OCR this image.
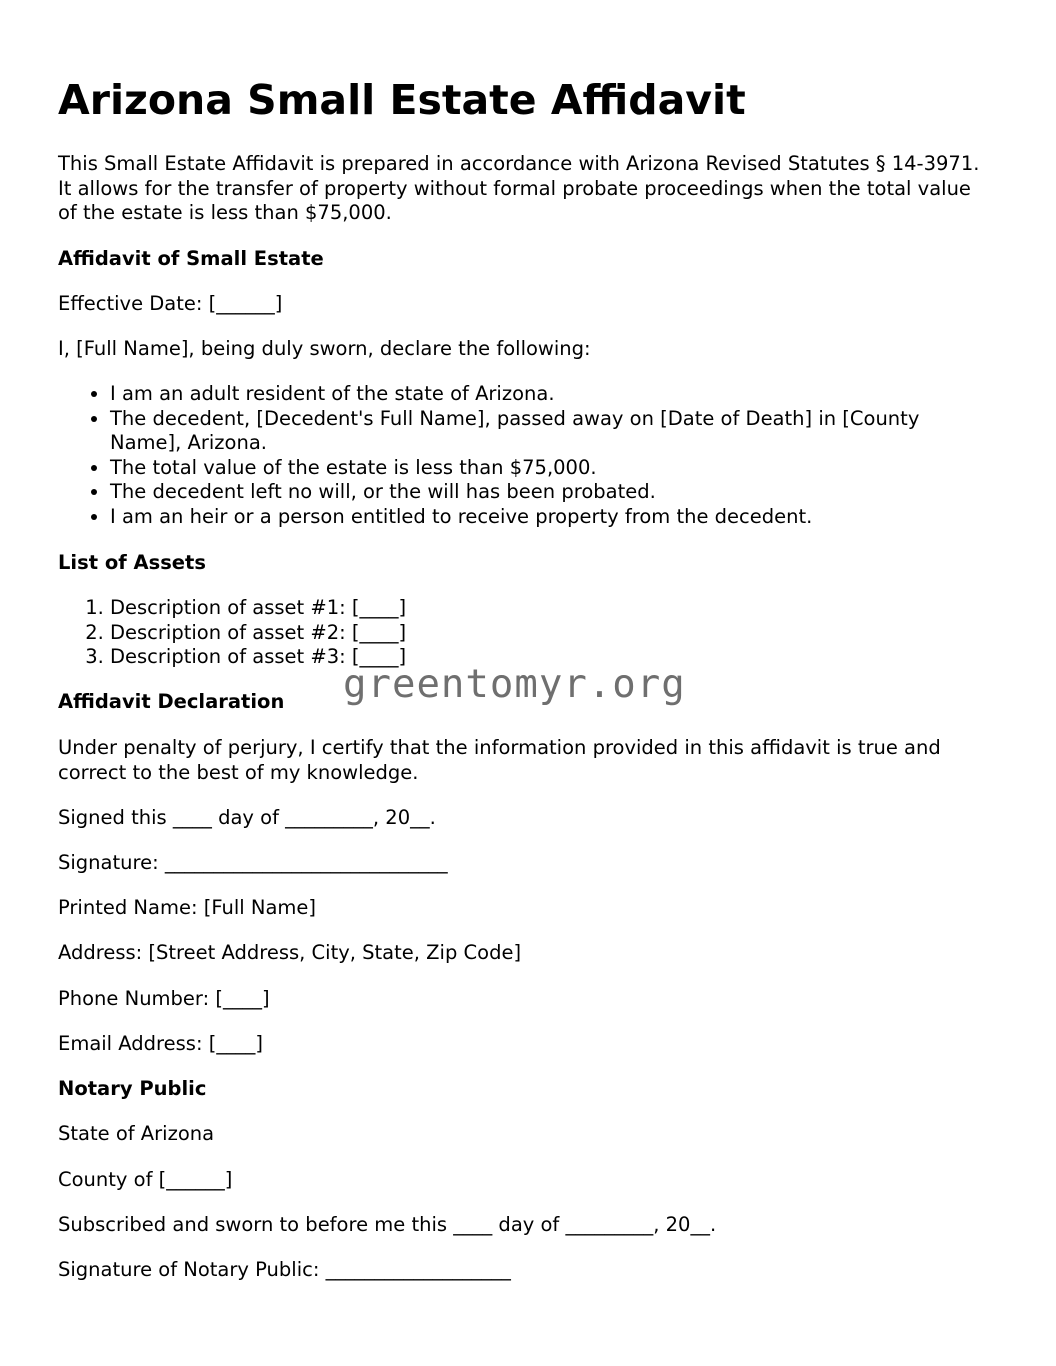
Arizona Small Estate Affidavit
This Small Estate Affidavit is prepared in accordance with Arizona Revised Statutes § 14-3971. It allows for the transfer of property without formal probate proceedings when the total value of the estate is less than $75,000.
Affidavit of Small Estate
Effective Date: [______]
I, [Full Name], being duly sworn, declare the following:
• I am an adult resident of the state of Arizona.
• The decedent, [Decedent's Full Name], passed away on [Date of Death] in [County Name], Arizona.
• The total value of the estate is less than $75,000.
• The decedent left no will, or the will has been probated.
• I am an heir or a person entitled to receive property from the decedent.
List of Assets
1. Description of asset #1: [____]
2. Description of asset #2: [____]
3. Description of asset #3: [____]
Affidavit Declaration
Under penalty of perjury, I certify that the information provided in this affidavit is true and correct to the best of my knowledge.
Signed this ____ day of _________, 20__.
Signature: _____________________________
Printed Name: [Full Name]
Address: [Street Address, City, State, Zip Code]
Phone Number: [____]
Email Address: [____]
Notary Public
State of Arizona
County of [______]
Subscribed and sworn to before me this ____ day of _________, 20__.
Signature of Notary Public: ___________________
greentomyr.org
